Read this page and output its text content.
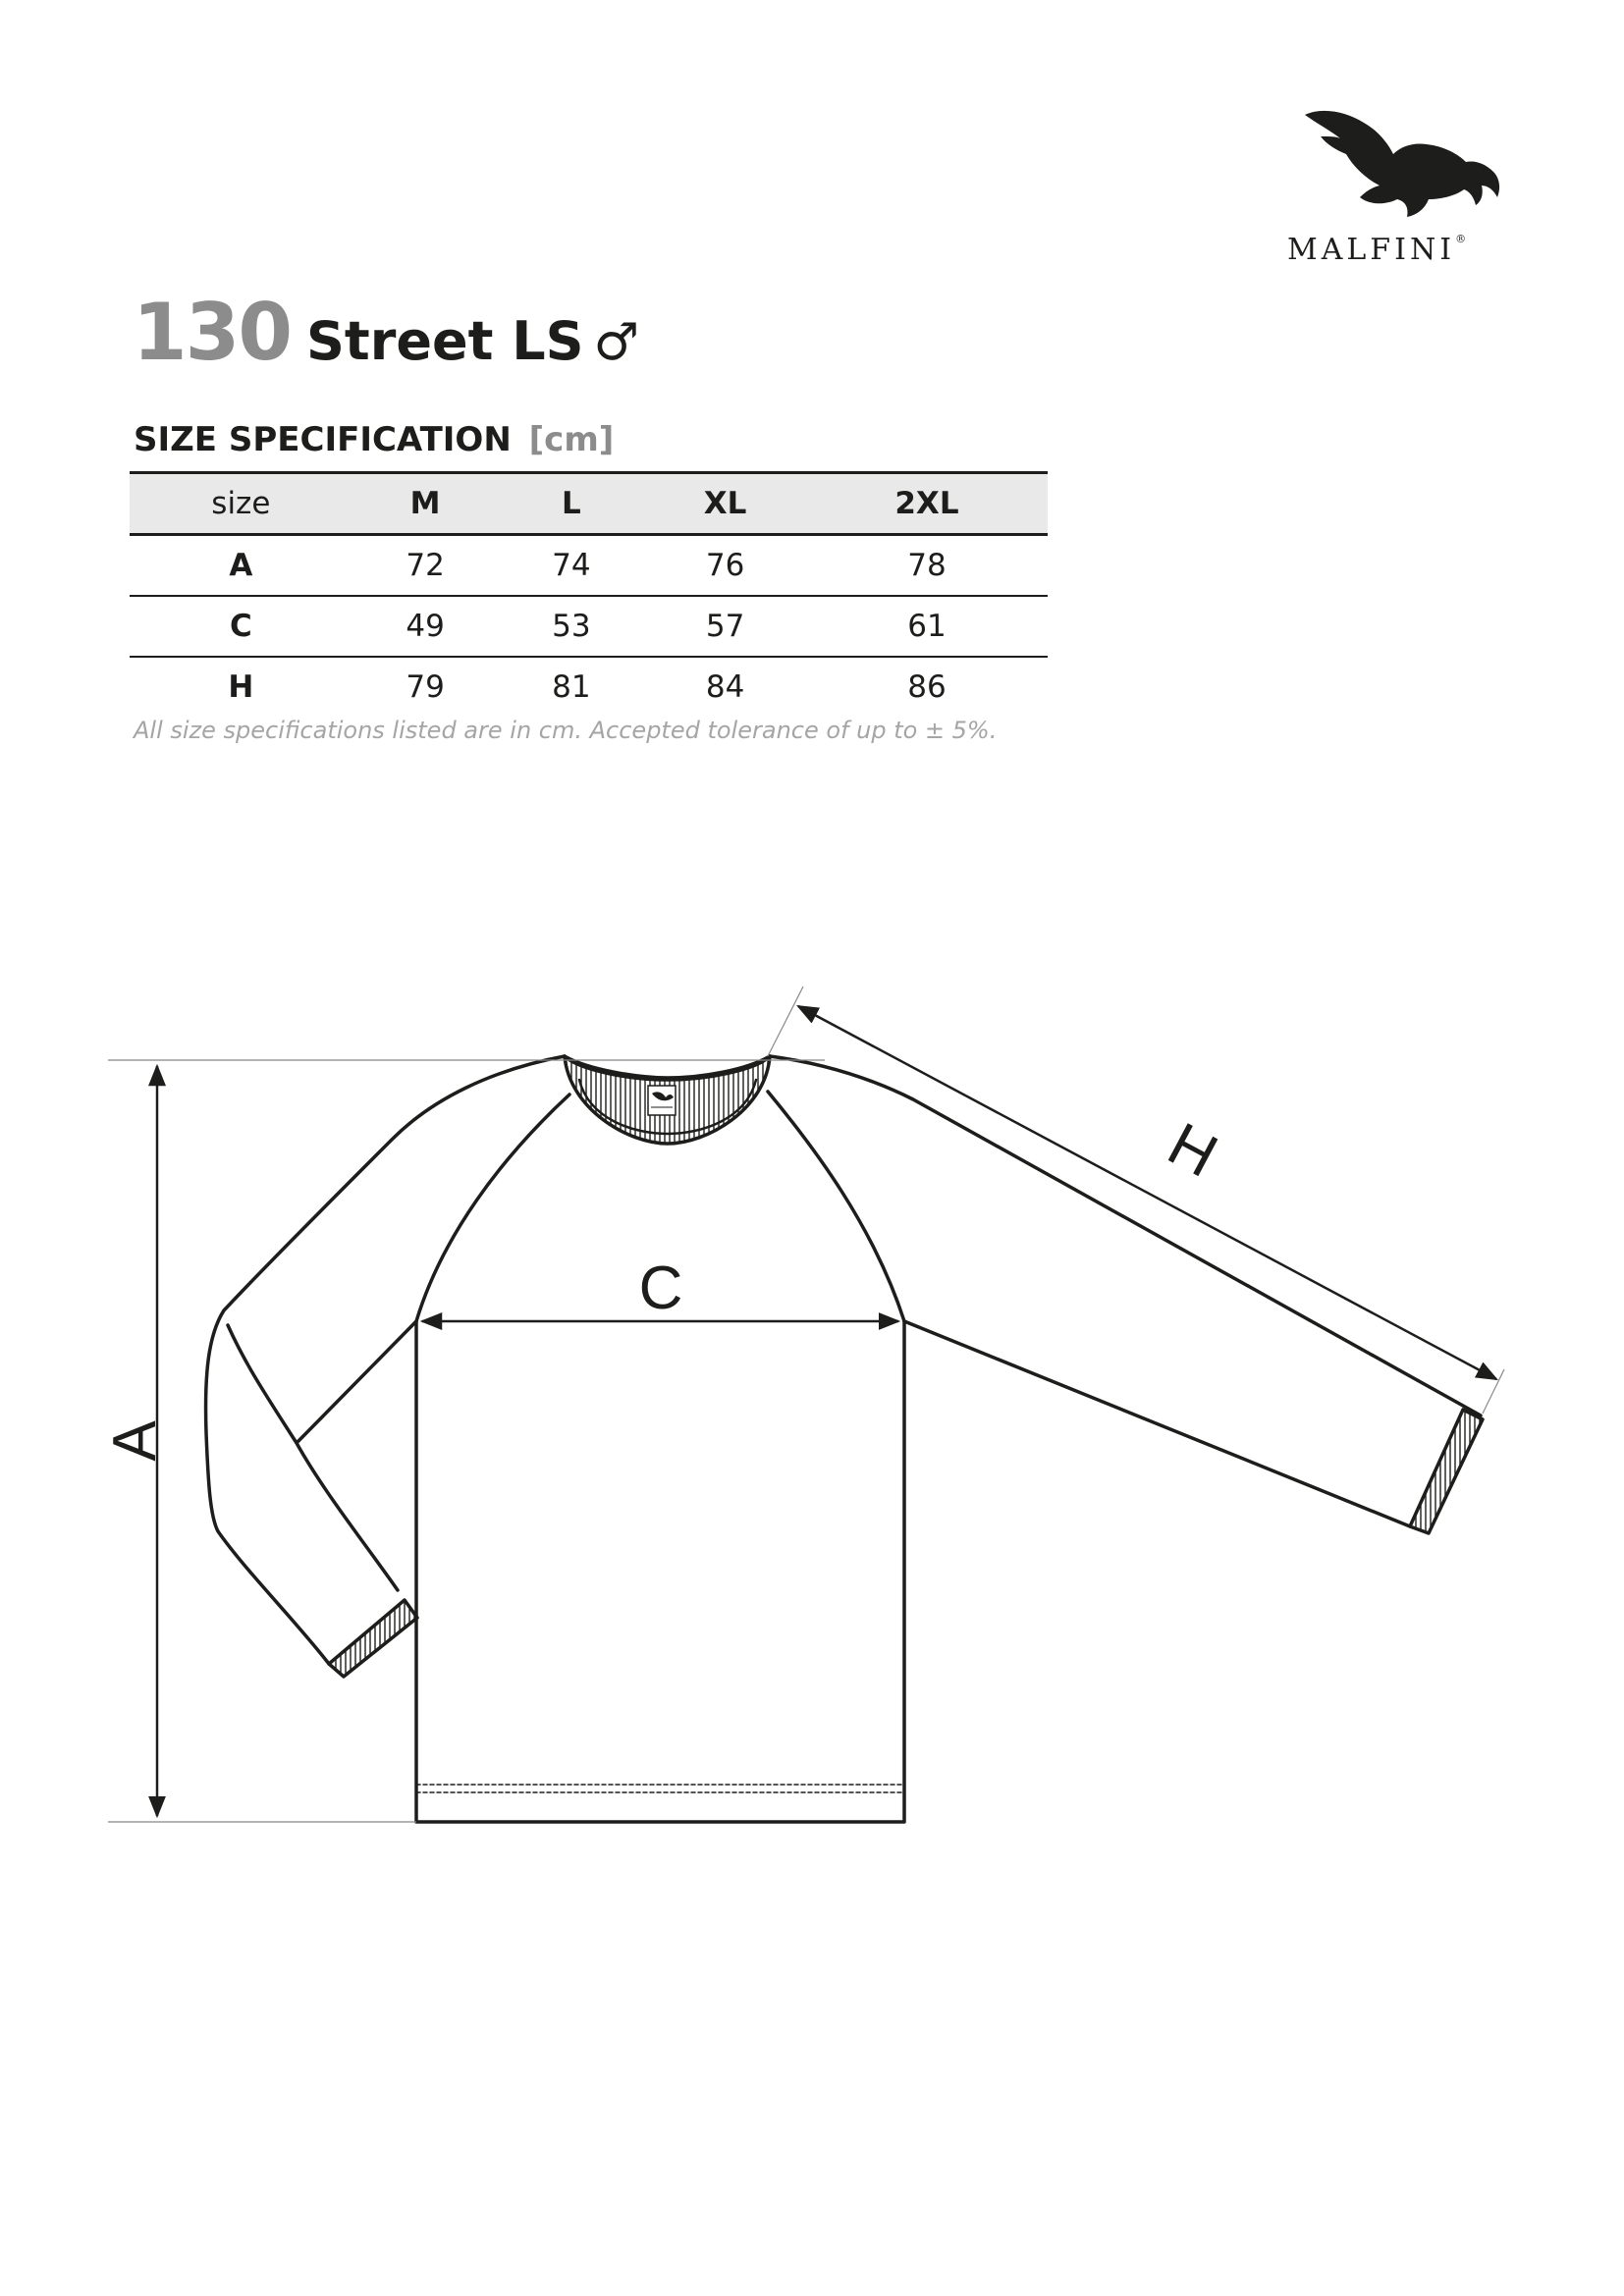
MALFINI®
130 Street LS ♂
SIZE SPECIFICATION [cm]
size	M	L	XL	2XL
A	72	74	76	78
C	49	53	57	61
H	79	81	84	86
All size specifications listed are in cm. Accepted tolerance of up to ± 5%.
A
C
H
